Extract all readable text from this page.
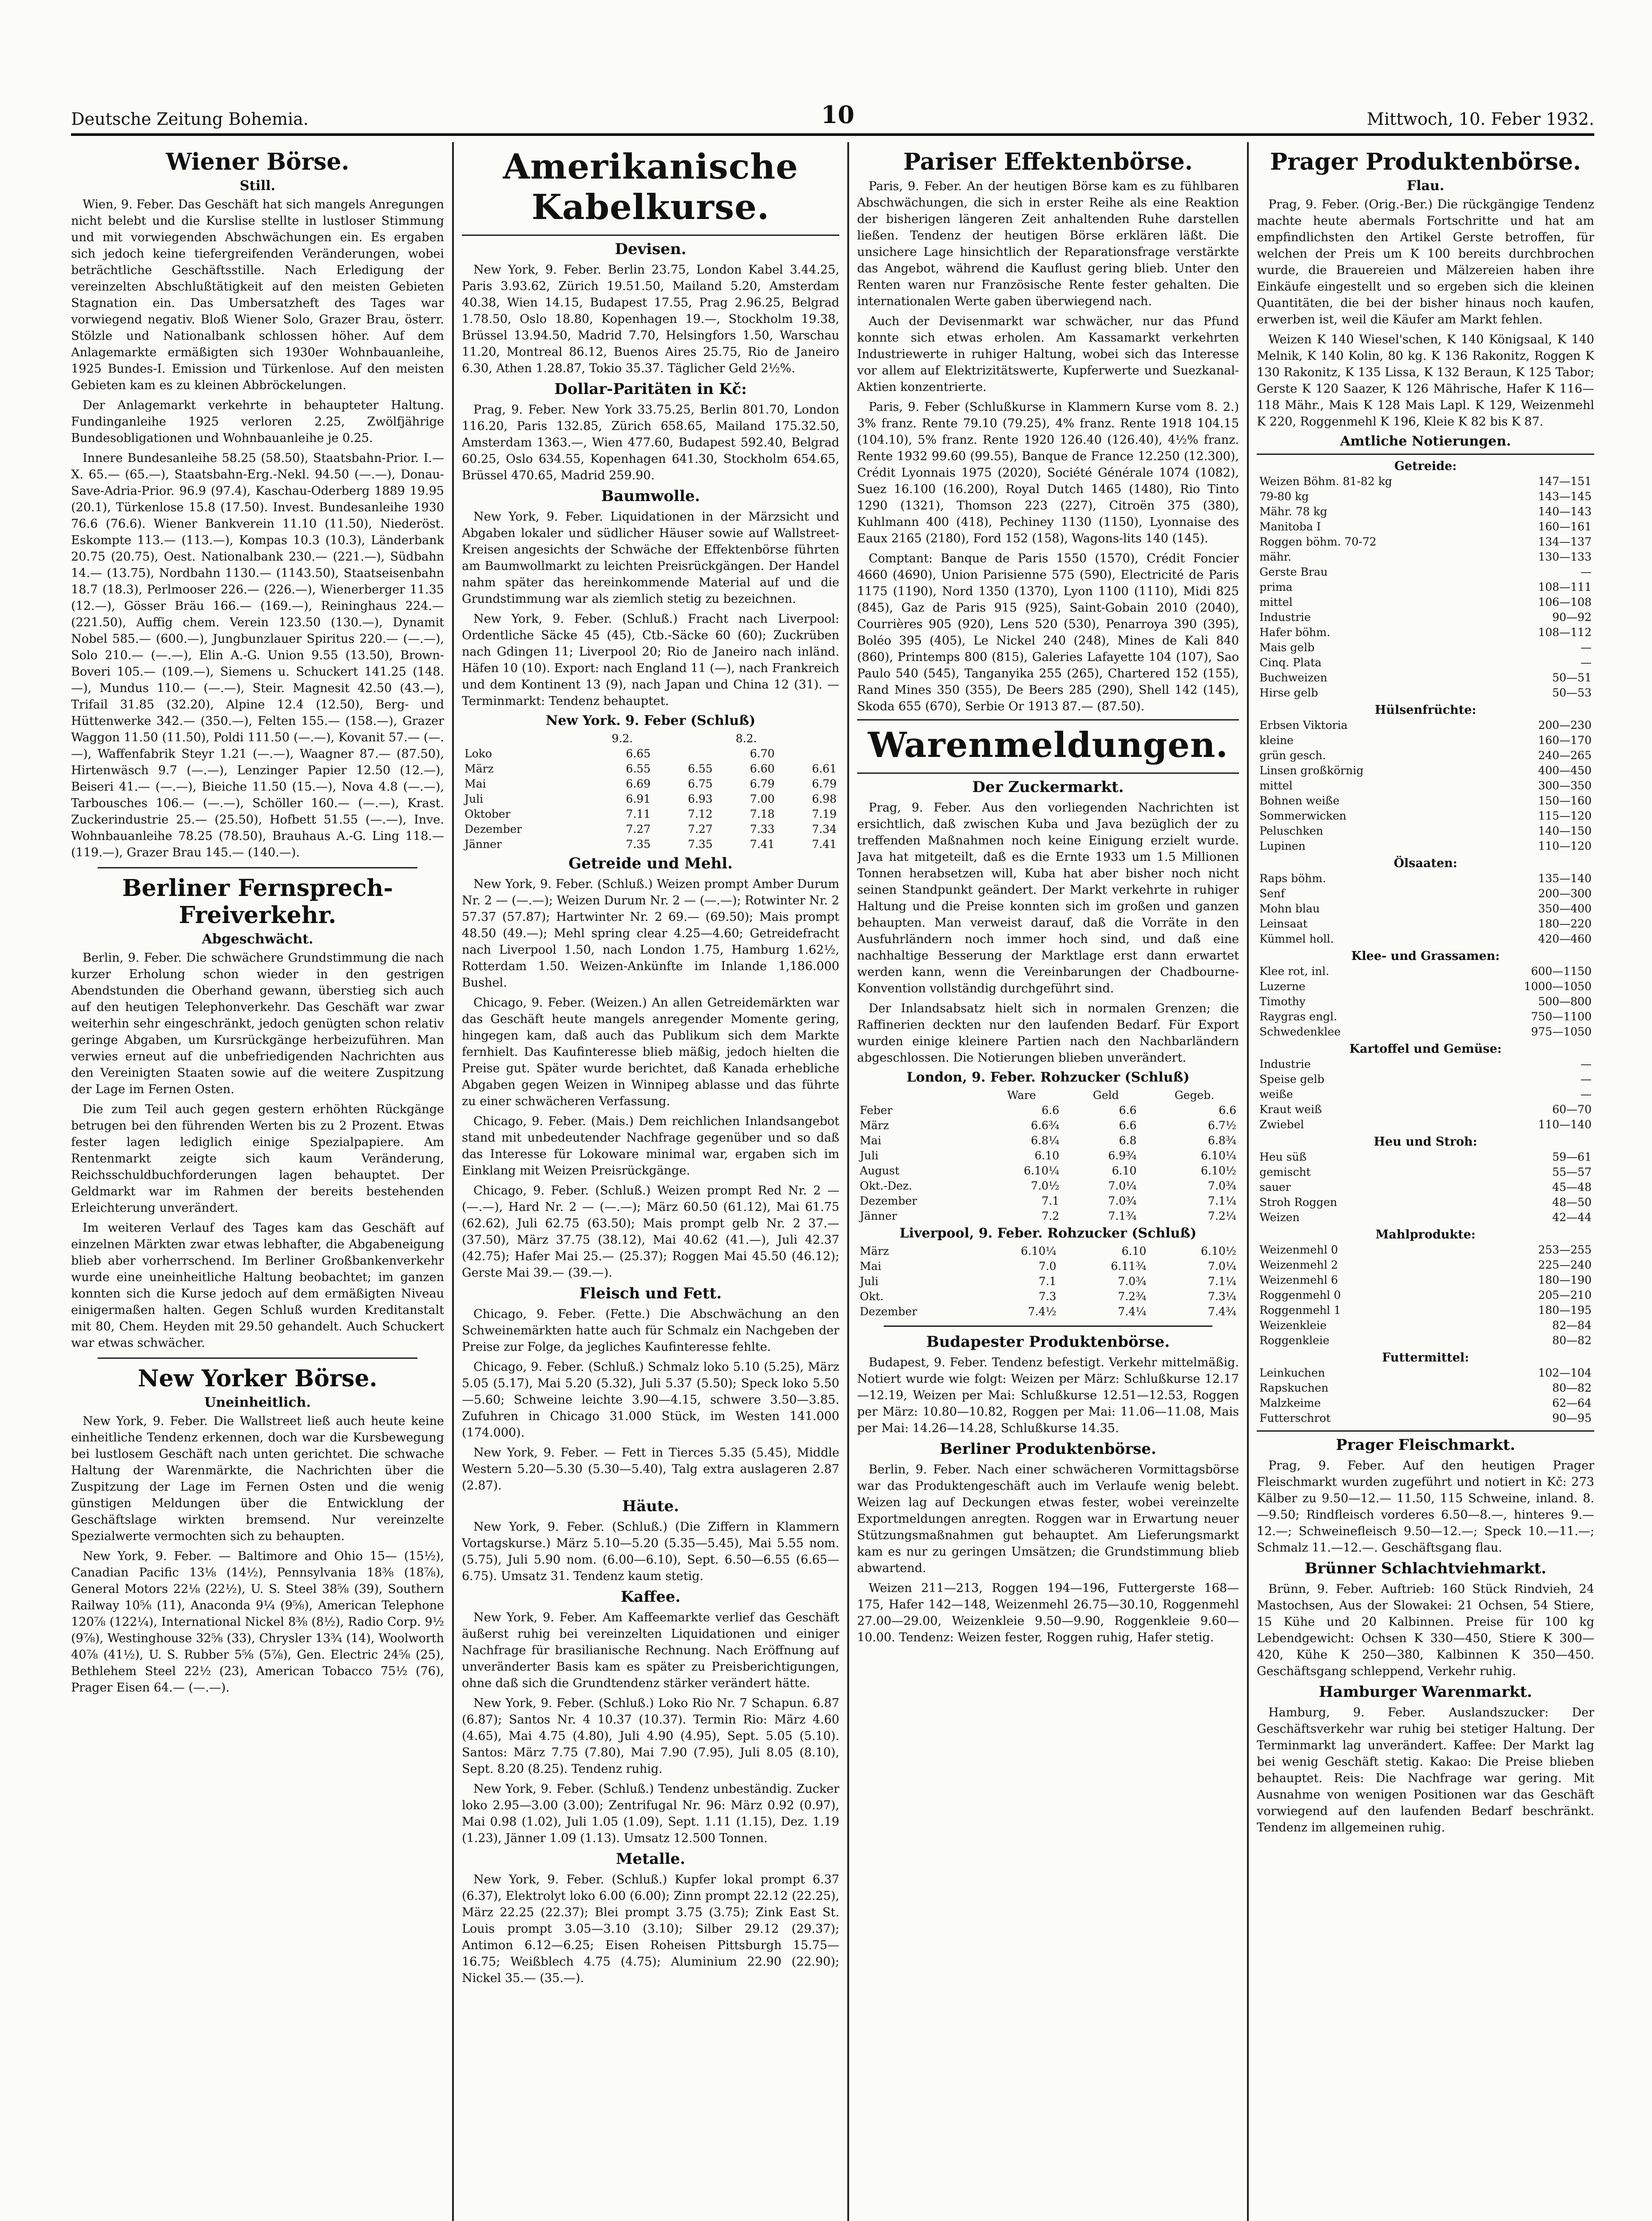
Deutsche Zeitung Bohemia.	10	Mittwoch, 10. Feber 1932.
Wiener Börse.
Still.

Wien, 9. Feber. Das Geschäft hat sich mangels Anregungen nicht belebt und die Kurslise stellte in lustloser Stimmung und mit vorwiegenden Abschwächungen ein. Es ergaben sich jedoch keine tiefergreifenden Veränderungen, wobei beträchtliche Geschäftsstille. Nach Erledigung der vereinzelten Abschlußtätigkeit auf den meisten Gebieten Stagnation ein. Das Umbersatzheft des Tages war vorwiegend negativ. Bloß Wiener Solo, Grazer Brau, österr. Stölzle und Nationalbank schlossen höher. Auf dem Anlagemarkte ermäßigten sich 1930er Wohnbauanleihe, 1925 Bundes-I. Emission und Türkenlose. Auf den meisten Gebieten kam es zu kleinen Abbröckelungen.

Der Anlagemarkt verkehrte in behaupteter Haltung. Fundinganleihe 1925 verloren 2.25, Zwölfjährige Bundesobligationen und Wohnbauanleihe je 0.25.

Innere Bundesanleihe 58.25 (58.50), Staatsbahn-Prior. I.—X. 65.— (65.—), Staatsbahn-Erg.-Nekl. 94.50 (—.—), Donau-Save-Adria-Prior. 96.9 (97.4), Kaschau-Oderberg 1889 19.95 (20.1), Türkenlose 15.8 (17.50). Invest. Bundesanleihe 1930 76.6 (76.6). Wiener Bankverein 11.10 (11.50), Niederöst. Eskompte 113.— (113.—), Kompas 10.3 (10.3), Länderbank 20.75 (20.75), Oest. Nationalbank 230.— (221.—), Südbahn 14.— (13.75), Nordbahn 1130.— (1143.50), Staatseisenbahn 18.7 (18.3), Perlmooser 226.— (226.—), Wienerberger 11.35 (12.—), Gösser Bräu 166.— (169.—), Reininghaus 224.— (221.50), Auffig chem. Verein 123.50 (130.—), Dynamit Nobel 585.— (600.—), Jungbunzlauer Spiritus 220.— (—.—), Solo 210.— (—.—), Elin A.-G. Union 9.55 (13.50), Brown-Boveri 105.— (109.—), Siemens u. Schuckert 141.25 (148.—), Mundus 110.— (—.—), Steir. Magnesit 42.50 (43.—), Trifail 31.85 (32.20), Alpine 12.4 (12.50), Berg- und Hüttenwerke 342.— (350.—), Felten 155.— (158.—), Grazer Waggon 11.50 (11.50), Poldi 111.50 (—.—), Kovanit 57.— (—.—), Waffenfabrik Steyr 1.21 (—.—), Waagner 87.— (87.50), Hirtenwäsch 9.7 (—.—), Lenzinger Papier 12.50 (12.—), Beiseri 41.— (—.—), Bieiche 11.50 (15.—), Nova 4.8 (—.—), Tarbousches 106.— (—.—), Schöller 160.— (—.—), Krast. Zuckerindustrie 25.— (25.50), Hofbett 51.55 (—.—), Inve. Wohnbauanleihe 78.25 (78.50), Brauhaus A.-G. Ling 118.— (119.—), Grazer Brau 145.— (140.—).

Berliner Fernsprech-Freiverkehr.
Abgeschwächt.

Berlin, 9. Feber. Die schwächere Grundstimmung die nach kurzer Erholung schon wieder in den gestrigen Abendstunden die Oberhand gewann, überstieg sich auch auf den heutigen Telephonverkehr. Das Geschäft war zwar weiterhin sehr eingeschränkt, jedoch genügten schon relativ geringe Abgaben, um Kursrückgänge herbeizuführen. Man verwies erneut auf die unbefriedigenden Nachrichten aus den Vereinigten Staaten sowie auf die weitere Zuspitzung der Lage im Fernen Osten.

Die zum Teil auch gegen gestern erhöhten Rückgänge betrugen bei den führenden Werten bis zu 2 Prozent. Etwas fester lagen lediglich einige Spezialpapiere. Am Rentenmarkt zeigte sich kaum Veränderung, Reichsschuldbuchforderungen lagen behauptet. Der Geldmarkt war im Rahmen der bereits bestehenden Erleichterung unverändert.

Im weiteren Verlauf des Tages kam das Geschäft auf einzelnen Märkten zwar etwas lebhafter, die Abgabeneigung blieb aber vorherrschend. Im Berliner Großbankenverkehr wurde eine uneinheitliche Haltung beobachtet; im ganzen konnten sich die Kurse jedoch auf dem ermäßigten Niveau einigermaßen halten. Gegen Schluß wurden Kreditanstalt mit 80, Chem. Heyden mit 29.50 gehandelt. Auch Schuckert war etwas schwächer.

New Yorker Börse.
Uneinheitlich.

New York, 9. Feber. Die Wallstreet ließ auch heute keine einheitliche Tendenz erkennen, doch war die Kursbewegung bei lustlosem Geschäft nach unten gerichtet. Die schwache Haltung der Warenmärkte, die Nachrichten über die Zuspitzung der Lage im Fernen Osten und die wenig günstigen Meldungen über die Entwicklung der Geschäftslage wirkten bremsend. Nur vereinzelte Spezialwerte vermochten sich zu behaupten.

New York, 9. Feber. — Baltimore and Ohio 15— (15½), Canadian Pacific 13⅛ (14½), Pennsylvania 18⅜ (18⅞), General Motors 22⅛ (22½), U. S. Steel 38⅝ (39), Southern Railway 10⅝ (11), Anaconda 9¼ (9⅝), American Telephone 120⅞ (122¼), International Nickel 8⅜ (8½), Radio Corp. 9½ (9⅞), Westinghouse 32⅝ (33), Chrysler 13¾ (14), Woolworth 40⅞ (41½), U. S. Rubber 5⅝ (5⅞), Gen. Electric 24⅝ (25), Bethlehem Steel 22½ (23), American Tobacco 75½ (76), Prager Eisen 64.— (—.—).

Amerikanische Kabelkurse.
Devisen.

New York, 9. Feber. Berlin 23.75, London Kabel 3.44.25, Paris 3.93.62, Zürich 19.51.50, Mailand 5.20, Amsterdam 40.38, Wien 14.15, Budapest 17.55, Prag 2.96.25, Belgrad 1.78.50, Oslo 18.80, Kopenhagen 19.—, Stockholm 19.38, Brüssel 13.94.50, Madrid 7.70, Helsingfors 1.50, Warschau 11.20, Montreal 86.12, Buenos Aires 25.75, Rio de Janeiro 6.30, Athen 1.28.87, Tokio 35.37. Täglicher Geld 2½%.

Dollar-Paritäten in Kč:

Prag, 9. Feber. New York 33.75.25, Berlin 801.70, London 116.20, Paris 132.85, Zürich 658.65, Mailand 175.32.50, Amsterdam 1363.—, Wien 477.60, Budapest 592.40, Belgrad 60.25, Oslo 634.55, Kopenhagen 641.30, Stockholm 654.65, Brüssel 470.65, Madrid 259.90.

Baumwolle.

New York, 9. Feber. Liquidationen in der Märzsicht und Abgaben lokaler und südlicher Häuser sowie auf Wallstreet-Kreisen angesichts der Schwäche der Effektenbörse führten am Baumwollmarkt zu leichten Preisrückgängen. Der Handel nahm später das hereinkommende Material auf und die Grundstimmung war als ziemlich stetig zu bezeichnen.

New York, 9. Feber. (Schluß.) Fracht nach Liverpool: Ordentliche Säcke 45 (45), Ctb.-Säcke 60 (60); Zuckrüben nach Gdingen 11; Liverpool 20; Rio de Janeiro nach inländ. Häfen 10 (10). Export: nach England 11 (—), nach Frankreich und dem Kontinent 13 (9), nach Japan und China 12 (31). — Terminmarkt: Tendenz behauptet.

New York. 9. Feber (Schluß)
	9.2.		8.2.	
Loko	6.65		6.70	
März	6.55	6.55	6.60	6.61
Mai	6.69	6.75	6.79	6.79
Juli	6.91	6.93	7.00	6.98
Oktober	7.11	7.12	7.18	7.19
Dezember	7.27	7.27	7.33	7.34
Jänner	7.35	7.35	7.41	7.41
Getreide und Mehl.

New York, 9. Feber. (Schluß.) Weizen prompt Amber Durum Nr. 2 — (—.—); Weizen Durum Nr. 2 — (—.—); Rotwinter Nr. 2 57.37 (57.87); Hartwinter Nr. 2 69.— (69.50); Mais prompt 48.50 (49.—); Mehl spring clear 4.25—4.60; Getreidefracht nach Liverpool 1.50, nach London 1.75, Hamburg 1.62½, Rotterdam 1.50. Weizen-Ankünfte im Inlande 1,186.000 Bushel.

Chicago, 9. Feber. (Weizen.) An allen Getreidemärkten war das Geschäft heute mangels anregender Momente gering, hingegen kam, daß auch das Publikum sich dem Markte fernhielt. Das Kaufinteresse blieb mäßig, jedoch hielten die Preise gut. Später wurde berichtet, daß Kanada erhebliche Abgaben gegen Weizen in Winnipeg ablasse und das führte zu einer schwächeren Verfassung.

Chicago, 9. Feber. (Mais.) Dem reichlichen Inlandsangebot stand mit unbedeutender Nachfrage gegenüber und so daß das Interesse für Lokoware minimal war, ergaben sich im Einklang mit Weizen Preisrückgänge.

Chicago, 9. Feber. (Schluß.) Weizen prompt Red Nr. 2 — (—.—), Hard Nr. 2 — (—.—); März 60.50 (61.12), Mai 61.75 (62.62), Juli 62.75 (63.50); Mais prompt gelb Nr. 2 37.— (37.50), März 37.75 (38.12), Mai 40.62 (41.—), Juli 42.37 (42.75); Hafer Mai 25.— (25.37); Roggen Mai 45.50 (46.12); Gerste Mai 39.— (39.—).

Fleisch und Fett.

Chicago, 9. Feber. (Fette.) Die Abschwächung an den Schweinemärkten hatte auch für Schmalz ein Nachgeben der Preise zur Folge, da jegliches Kaufinteresse fehlte.

Chicago, 9. Feber. (Schluß.) Schmalz loko 5.10 (5.25), März 5.05 (5.17), Mai 5.20 (5.32), Juli 5.37 (5.50); Speck loko 5.50—5.60; Schweine leichte 3.90—4.15, schwere 3.50—3.85. Zufuhren in Chicago 31.000 Stück, im Westen 141.000 (174.000).

New York, 9. Feber. — Fett in Tierces 5.35 (5.45), Middle Western 5.20—5.30 (5.30—5.40), Talg extra auslageren 2.87 (2.87).

Häute.

New York, 9. Feber. (Schluß.) (Die Ziffern in Klammern Vortagskurse.) März 5.10—5.20 (5.35—5.45), Mai 5.55 nom. (5.75), Juli 5.90 nom. (6.00—6.10), Sept. 6.50—6.55 (6.65—6.75). Umsatz 31. Tendenz kaum stetig.

Kaffee.

New York, 9. Feber. Am Kaffeemarkte verlief das Geschäft äußerst ruhig bei vereinzelten Liquidationen und einiger Nachfrage für brasilianische Rechnung. Nach Eröffnung auf unveränderter Basis kam es später zu Preisberichtigungen, ohne daß sich die Grundtendenz stärker verändert hätte.

New York, 9. Feber. (Schluß.) Loko Rio Nr. 7 Schapun. 6.87 (6.87); Santos Nr. 4 10.37 (10.37). Termin Rio: März 4.60 (4.65), Mai 4.75 (4.80), Juli 4.90 (4.95), Sept. 5.05 (5.10). Santos: März 7.75 (7.80), Mai 7.90 (7.95), Juli 8.05 (8.10), Sept. 8.20 (8.25). Tendenz ruhig.

New York, 9. Feber. (Schluß.) Tendenz unbeständig. Zucker loko 2.95—3.00 (3.00); Zentrifugal Nr. 96: März 0.92 (0.97), Mai 0.98 (1.02), Juli 1.05 (1.09), Sept. 1.11 (1.15), Dez. 1.19 (1.23), Jänner 1.09 (1.13). Umsatz 12.500 Tonnen.

Metalle.

New York, 9. Feber. (Schluß.) Kupfer lokal prompt 6.37 (6.37), Elektrolyt loko 6.00 (6.00); Zinn prompt 22.12 (22.25), März 22.25 (22.37); Blei prompt 3.75 (3.75); Zink East St. Louis prompt 3.05—3.10 (3.10); Silber 29.12 (29.37); Antimon 6.12—6.25; Eisen Roheisen Pittsburgh 15.75—16.75; Weißblech 4.75 (4.75); Aluminium 22.90 (22.90); Nickel 35.— (35.—).

Pariser Effektenbörse.

Paris, 9. Feber. An der heutigen Börse kam es zu fühlbaren Abschwächungen, die sich in erster Reihe als eine Reaktion der bisherigen längeren Zeit anhaltenden Ruhe darstellen ließen. Tendenz der heutigen Börse erklären läßt. Die unsichere Lage hinsichtlich der Reparationsfrage verstärkte das Angebot, während die Kauflust gering blieb. Unter den Renten waren nur Französische Rente fester gehalten. Die internationalen Werte gaben überwiegend nach.

Auch der Devisenmarkt war schwächer, nur das Pfund konnte sich etwas erholen. Am Kassamarkt verkehrten Industriewerte in ruhiger Haltung, wobei sich das Interesse vor allem auf Elektrizitätswerte, Kupferwerte und Suezkanal-Aktien konzentrierte.

Paris, 9. Feber (Schlußkurse in Klammern Kurse vom 8. 2.) 3% franz. Rente 79.10 (79.25), 4% franz. Rente 1918 104.15 (104.10), 5% franz. Rente 1920 126.40 (126.40), 4½% franz. Rente 1932 99.60 (99.55), Banque de France 12.250 (12.300), Crédit Lyonnais 1975 (2020), Société Générale 1074 (1082), Suez 16.100 (16.200), Royal Dutch 1465 (1480), Rio Tinto 1290 (1321), Thomson 223 (227), Citroën 375 (380), Kuhlmann 400 (418), Pechiney 1130 (1150), Lyonnaise des Eaux 2165 (2180), Ford 152 (158), Wagons-lits 140 (145).

Comptant: Banque de Paris 1550 (1570), Crédit Foncier 4660 (4690), Union Parisienne 575 (590), Electricité de Paris 1175 (1190), Nord 1350 (1370), Lyon 1100 (1110), Midi 825 (845), Gaz de Paris 915 (925), Saint-Gobain 2010 (2040), Courrières 905 (920), Lens 520 (530), Penarroya 390 (395), Boléo 395 (405), Le Nickel 240 (248), Mines de Kali 840 (860), Printemps 800 (815), Galeries Lafayette 104 (107), Sao Paulo 540 (545), Tanganyika 255 (265), Chartered 152 (155), Rand Mines 350 (355), De Beers 285 (290), Shell 142 (145), Skoda 655 (670), Serbie Or 1913 87.— (87.50).

Warenmeldungen.
Der Zuckermarkt.

Prag, 9. Feber. Aus den vorliegenden Nachrichten ist ersichtlich, daß zwischen Kuba und Java bezüglich der zu treffenden Maßnahmen noch keine Einigung erzielt wurde. Java hat mitgeteilt, daß es die Ernte 1933 um 1.5 Millionen Tonnen herabsetzen will, Kuba hat aber bisher noch nicht seinen Standpunkt geändert. Der Markt verkehrte in ruhiger Haltung und die Preise konnten sich im großen und ganzen behaupten. Man verweist darauf, daß die Vorräte in den Ausfuhrländern noch immer hoch sind, und daß eine nachhaltige Besserung der Marktlage erst dann erwartet werden kann, wenn die Vereinbarungen der Chadbourne-Konvention vollständig durchgeführt sind.

Der Inlandsabsatz hielt sich in normalen Grenzen; die Raffinerien deckten nur den laufenden Bedarf. Für Export wurden einige kleinere Partien nach den Nachbarländern abgeschlossen. Die Notierungen blieben unverändert.

London, 9. Feber. Rohzucker (Schluß)
	Ware		Geld		Gegeb.
Feber	6.6		6.6		6.6
März	6.6¾		6.6		6.7½
Mai	6.8¼		6.8		6.8¾
Juli	6.10		6.9¾		6.10¼
August	6.10¼		6.10		6.10½
Okt.-Dez.	7.0½		7.0¼		7.0¾
Dezember	7.1		7.0¾		7.1¼
Jänner	7.2		7.1¾		7.2¼
Liverpool, 9. Feber. Rohzucker (Schluß)
März	6.10¼		6.10		6.10½
Mai	7.0		6.11¾		7.0¼
Juli	7.1		7.0¾		7.1¼
Okt.	7.3		7.2¾		7.3¼
Dezember	7.4½		7.4¼		7.4¾
Budapester Produktenbörse.

Budapest, 9. Feber. Tendenz befestigt. Verkehr mittelmäßig. Notiert wurde wie folgt: Weizen per März: Schlußkurse 12.17—12.19, Weizen per Mai: Schlußkurse 12.51—12.53, Roggen per März: 10.80—10.82, Roggen per Mai: 11.06—11.08, Mais per Mai: 14.26—14.28, Schlußkurse 14.35.

Berliner Produktenbörse.

Berlin, 9. Feber. Nach einer schwächeren Vormittagsbörse war das Produktengeschäft auch im Verlaufe wenig belebt. Weizen lag auf Deckungen etwas fester, wobei vereinzelte Exportmeldungen anregten. Roggen war in Erwartung neuer Stützungsmaßnahmen gut behauptet. Am Lieferungsmarkt kam es nur zu geringen Umsätzen; die Grundstimmung blieb abwartend.

Weizen 211—213, Roggen 194—196, Futtergerste 168—175, Hafer 142—148, Weizenmehl 26.75—30.10, Roggenmehl 27.00—29.00, Weizenkleie 9.50—9.90, Roggenkleie 9.60—10.00. Tendenz: Weizen fester, Roggen ruhig, Hafer stetig.

Prager Produktenbörse.
Flau.

Prag, 9. Feber. (Orig.-Ber.) Die rückgängige Tendenz machte heute abermals Fortschritte und hat am empfindlichsten den Artikel Gerste betroffen, für welchen der Preis um K 100 bereits durchbrochen wurde, die Brauereien und Mälzereien haben ihre Einkäufe eingestellt und so ergeben sich die kleinen Quantitäten, die bei der bisher hinaus noch kaufen, erwerben ist, weil die Käufer am Markt fehlen.

Weizen K 140 Wiesel'schen, K 140 Königsaal, K 140 Melnik, K 140 Kolin, 80 kg. K 136 Rakonitz, Roggen K 130 Rakonitz, K 135 Lissa, K 132 Beraun, K 125 Tabor; Gerste K 120 Saazer, K 126 Mährische, Hafer K 116—118 Mähr., Mais K 128 Mais Lapl. K 129, Weizenmehl K 220, Roggenmehl K 196, Kleie K 82 bis K 87.

Amtliche Notierungen.
Getreide:
Weizen Böhm. 81-82 kg	147—151
79-80 kg	143—145
Mähr. 78 kg	140—143
Manitoba I	160—161
Roggen böhm. 70-72	134—137
mähr.	130—133
Gerste Brau	—
prima	108—111
mittel	106—108
Industrie	90—92
Hafer böhm.	108—112
Mais gelb	—
Cinq. Plata	—
Buchweizen	50—51
Hirse gelb	50—53
Hülsenfrüchte:
Erbsen Viktoria	200—230
kleine	160—170
grün gesch.	240—265
Linsen großkörnig	400—450
mittel	300—350
Bohnen weiße	150—160
Sommerwicken	115—120
Peluschken	140—150
Lupinen	110—120
Ölsaaten:
Raps böhm.	135—140
Senf	200—300
Mohn blau	350—400
Leinsaat	180—220
Kümmel holl.	420—460
Klee- und Grassamen:
Klee rot, inl.	600—1150
Luzerne	1000—1050
Timothy	500—800
Raygras engl.	750—1100
Schwedenklee	975—1050
Kartoffel und Gemüse:
Industrie	—
Speise gelb	—
weiße	—
Kraut weiß	60—70
Zwiebel	110—140
Heu und Stroh:
Heu süß	59—61
gemischt	55—57
sauer	45—48
Stroh Roggen	48—50
Weizen	42—44
Mahlprodukte:
Weizenmehl 0	253—255
Weizenmehl 2	225—240
Weizenmehl 6	180—190
Roggenmehl 0	205—210
Roggenmehl 1	180—195
Weizenkleie	82—84
Roggenkleie	80—82
Futtermittel:
Leinkuchen	102—104
Rapskuchen	80—82
Malzkeime	62—64
Futterschrot	90—95
Prager Fleischmarkt.

Prag, 9. Feber. Auf den heutigen Prager Fleischmarkt wurden zugeführt und notiert in Kč: 273 Kälber zu 9.50—12.— 11.50, 115 Schweine, inland. 8.—9.50; Rindfleisch vorderes 6.50—8.—, hinteres 9.—12.—; Schweinefleisch 9.50—12.—; Speck 10.—11.—; Schmalz 11.—12.—. Geschäftsgang flau.

Brünner Schlachtviehmarkt.

Brünn, 9. Feber. Auftrieb: 160 Stück Rindvieh, 24 Mastochsen, Aus der Slowakei: 21 Ochsen, 54 Stiere, 15 Kühe und 20 Kalbinnen. Preise für 100 kg Lebendgewicht: Ochsen K 330—450, Stiere K 300—420, Kühe K 250—380, Kalbinnen K 350—450. Geschäftsgang schleppend, Verkehr ruhig.

Hamburger Warenmarkt.

Hamburg, 9. Feber. Auslandszucker: Der Geschäftsverkehr war ruhig bei stetiger Haltung. Der Terminmarkt lag unverändert. Kaffee: Der Markt lag bei wenig Geschäft stetig. Kakao: Die Preise blieben behauptet. Reis: Die Nachfrage war gering. Mit Ausnahme von wenigen Positionen war das Geschäft vorwiegend auf den laufenden Bedarf beschränkt. Tendenz im allgemeinen ruhig.
